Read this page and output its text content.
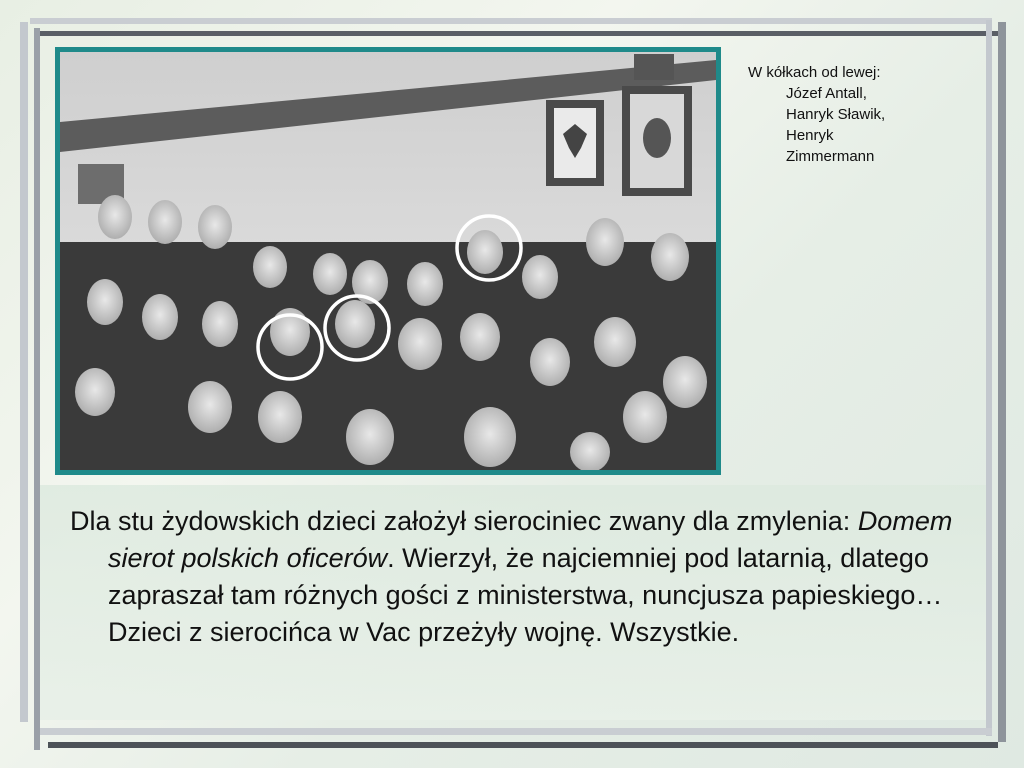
W kółkach od lewej:
Józef Antall,
Hanryk Sławik,
Henryk
Zimmermann

Dla stu żydowskich dzieci założył sierociniec zwany dla zmylenia: Domem sierot polskich oficerów. Wierzył, że najciemniej pod latarnią, dlatego zapraszał tam różnych gości z ministerstwa, nuncjusza papieskiego… Dzieci z sierocińca w Vac przeżyły wojnę. Wszystkie.
